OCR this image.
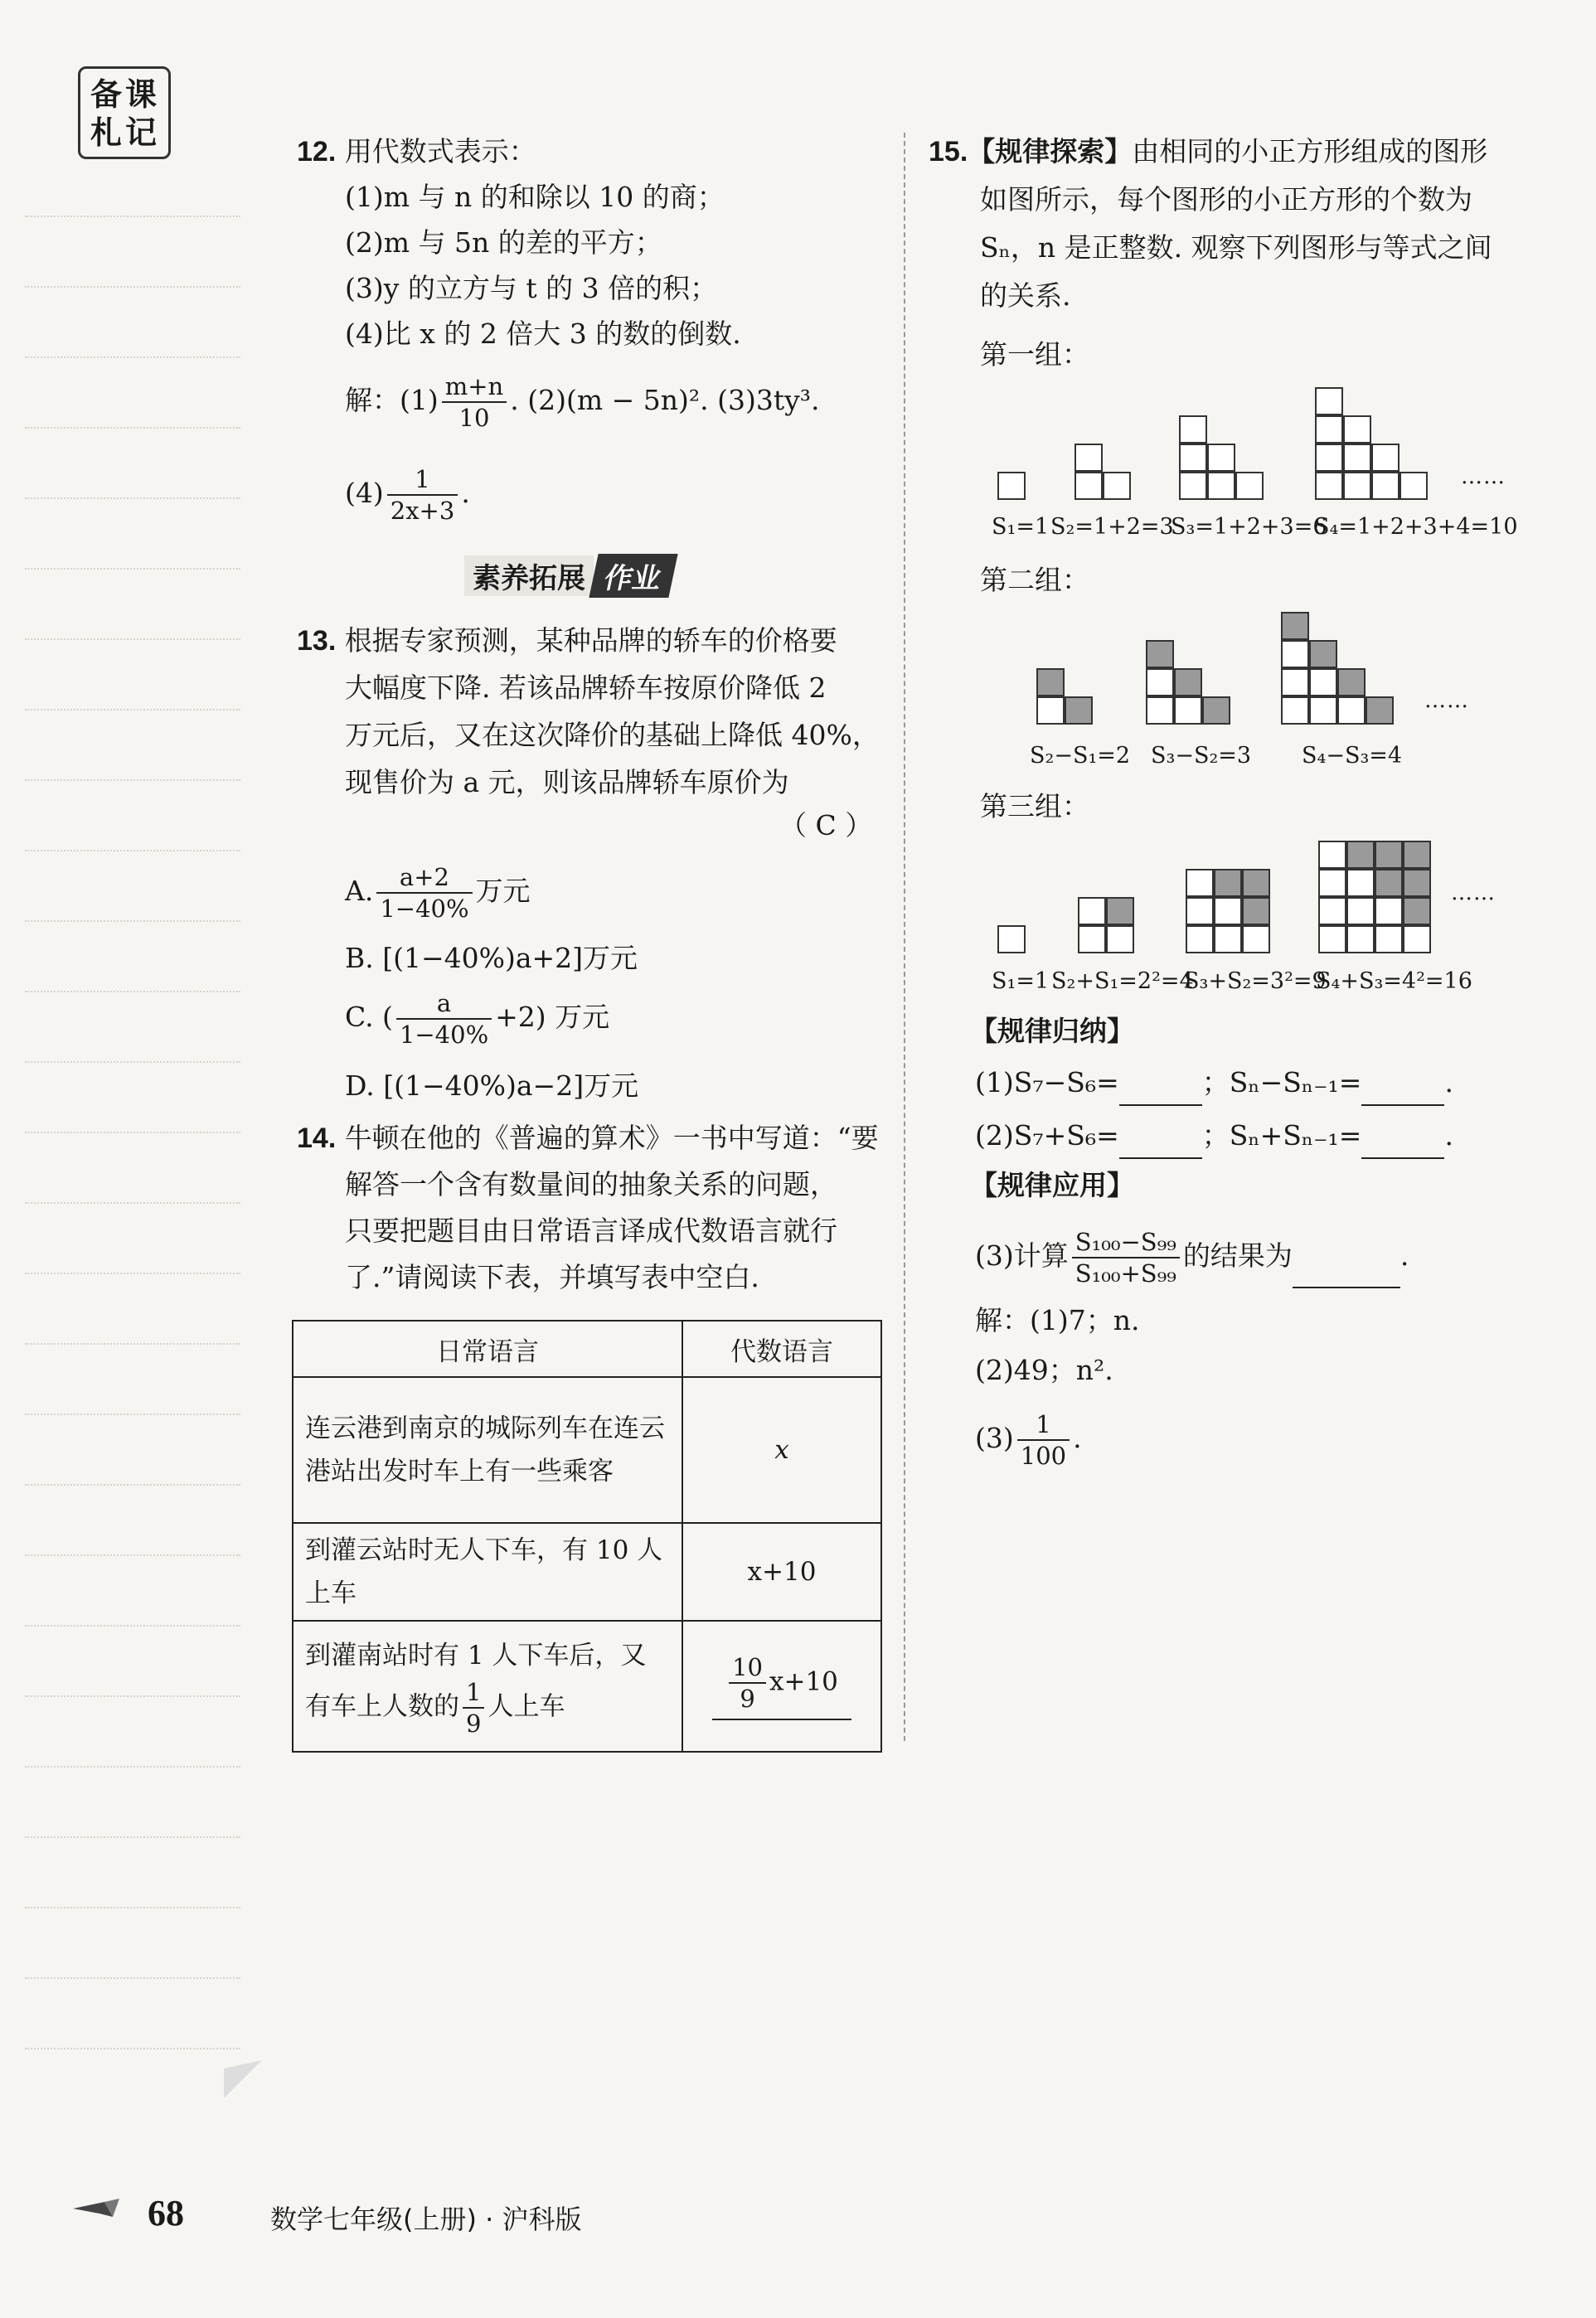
备课札记
12. 用代数式表示：
(1)m 与 n 的和除以 10 的商；
(2)m 与 5n 的差的平方；
(3)y 的立方与 t 的 3 倍的积；
(4)比 x 的 2 倍大 3 的数的倒数.
解：$(1) \frac{m+n}{10}$ . (2)(m − 5n)². (3)3ty³.
$(4) \frac{1}{2x+3}$ .
素养拓展 作业
13. 根据专家预测，某种品牌的轿车的价格要
大幅度下降. 若该品牌轿车按原价降低 2
万元后，又在这次降价的基础上降低 40%，
现售价为 a 元，则该品牌轿车原价为
（ C ）
A. $\frac{a+2}{1-40\%}$ 万元
B. [(1−40%)a+2]万元
C. ( $\frac{a}{1-40\%} +2$) 万元
D. [(1−40%)a−2]万元
14. 牛顿在他的《普遍的算术》一书中写道：“要
解答一个含有数量间的抽象关系的问题，
只要把题目由日常语言译成代数语言就行
了.”请阅读下表，并填写表中空白.
日常语言	代数语言
连云港到南京的城际列车在连云港站出发时车上有一些乘客	x
到灌云站时无人下车，有 10 人上车	x+10
到灌南站时有 1 人下车后，又有车上人数的 $\frac{1}{9}$ 人上车	$\frac{10}{9} x+10$
15.【规律探索】由相同的小正方形组成的图形
如图所示，每个图形的小正方形的个数为
Sₙ，n 是正整数. 观察下列图形与等式之间
的关系.
第一组：
第二组：
第三组：
S₁=1 S₂=1+2=3
S₃=1+2+3=6
S₄=1+2+3+4=10
……
S₂−S₁=2 S₃−S₂=3 S₄−S₃=4
……
S₁=1 S₂+S₁=2²=4
S₃+S₂=3²=9
S₄+S₃=4²=16
……
【规律归纳】
(1)S₇−S₆=	；Sₙ−Sₙ₋₁=	.
(2)S₇+S₆=	；Sₙ+Sₙ₋₁=	.
【规律应用】
(3)计算 $\frac{\text{S₁₀₀−S₉₉}}{\text{S₁₀₀+S₉₉}}$ 的结果为	.
解：(1)7；n.
(2)49；n².
$(3) \frac{1}{100}$ .
68	数学七年级(上册) · 沪科版
